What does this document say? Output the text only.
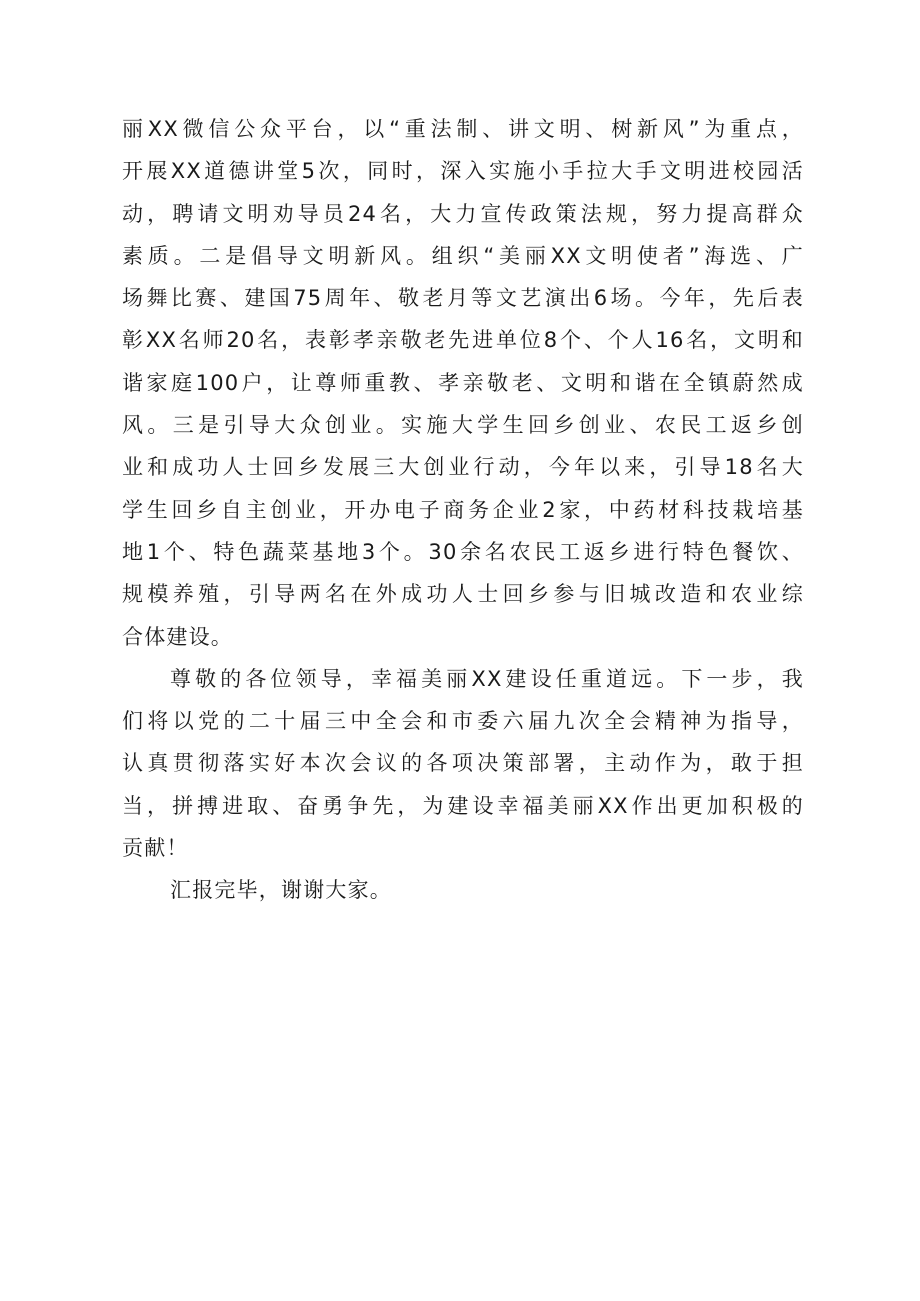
丽XX微信公众平台，以“重法制、讲文明、树新风”为重点，
开展XX道德讲堂5次，同时，深入实施小手拉大手文明进校园活
动，聘请文明劝导员24名，大力宣传政策法规，努力提高群众
素质。二是倡导文明新风。组织“美丽XX文明使者”海选、广
场舞比赛、建国75周年、敬老月等文艺演出6场。今年，先后表
彰XX名师20名，表彰孝亲敬老先进单位8个、个人16名，文明和
谐家庭100户，让尊师重教、孝亲敬老、文明和谐在全镇蔚然成
风。三是引导大众创业。实施大学生回乡创业、农民工返乡创
业和成功人士回乡发展三大创业行动，今年以来，引导18名大
学生回乡自主创业，开办电子商务企业2家，中药材科技栽培基
地1个、特色蔬菜基地3个。30余名农民工返乡进行特色餐饮、
规模养殖，引导两名在外成功人士回乡参与旧城改造和农业综
合体建设。
尊敬的各位领导，幸福美丽XX建设任重道远。下一步，我
们将以党的二十届三中全会和市委六届九次全会精神为指导，
认真贯彻落实好本次会议的各项决策部署，主动作为，敢于担
当，拼搏进取、奋勇争先，为建设幸福美丽XX作出更加积极的
贡献！
汇报完毕，谢谢大家。
